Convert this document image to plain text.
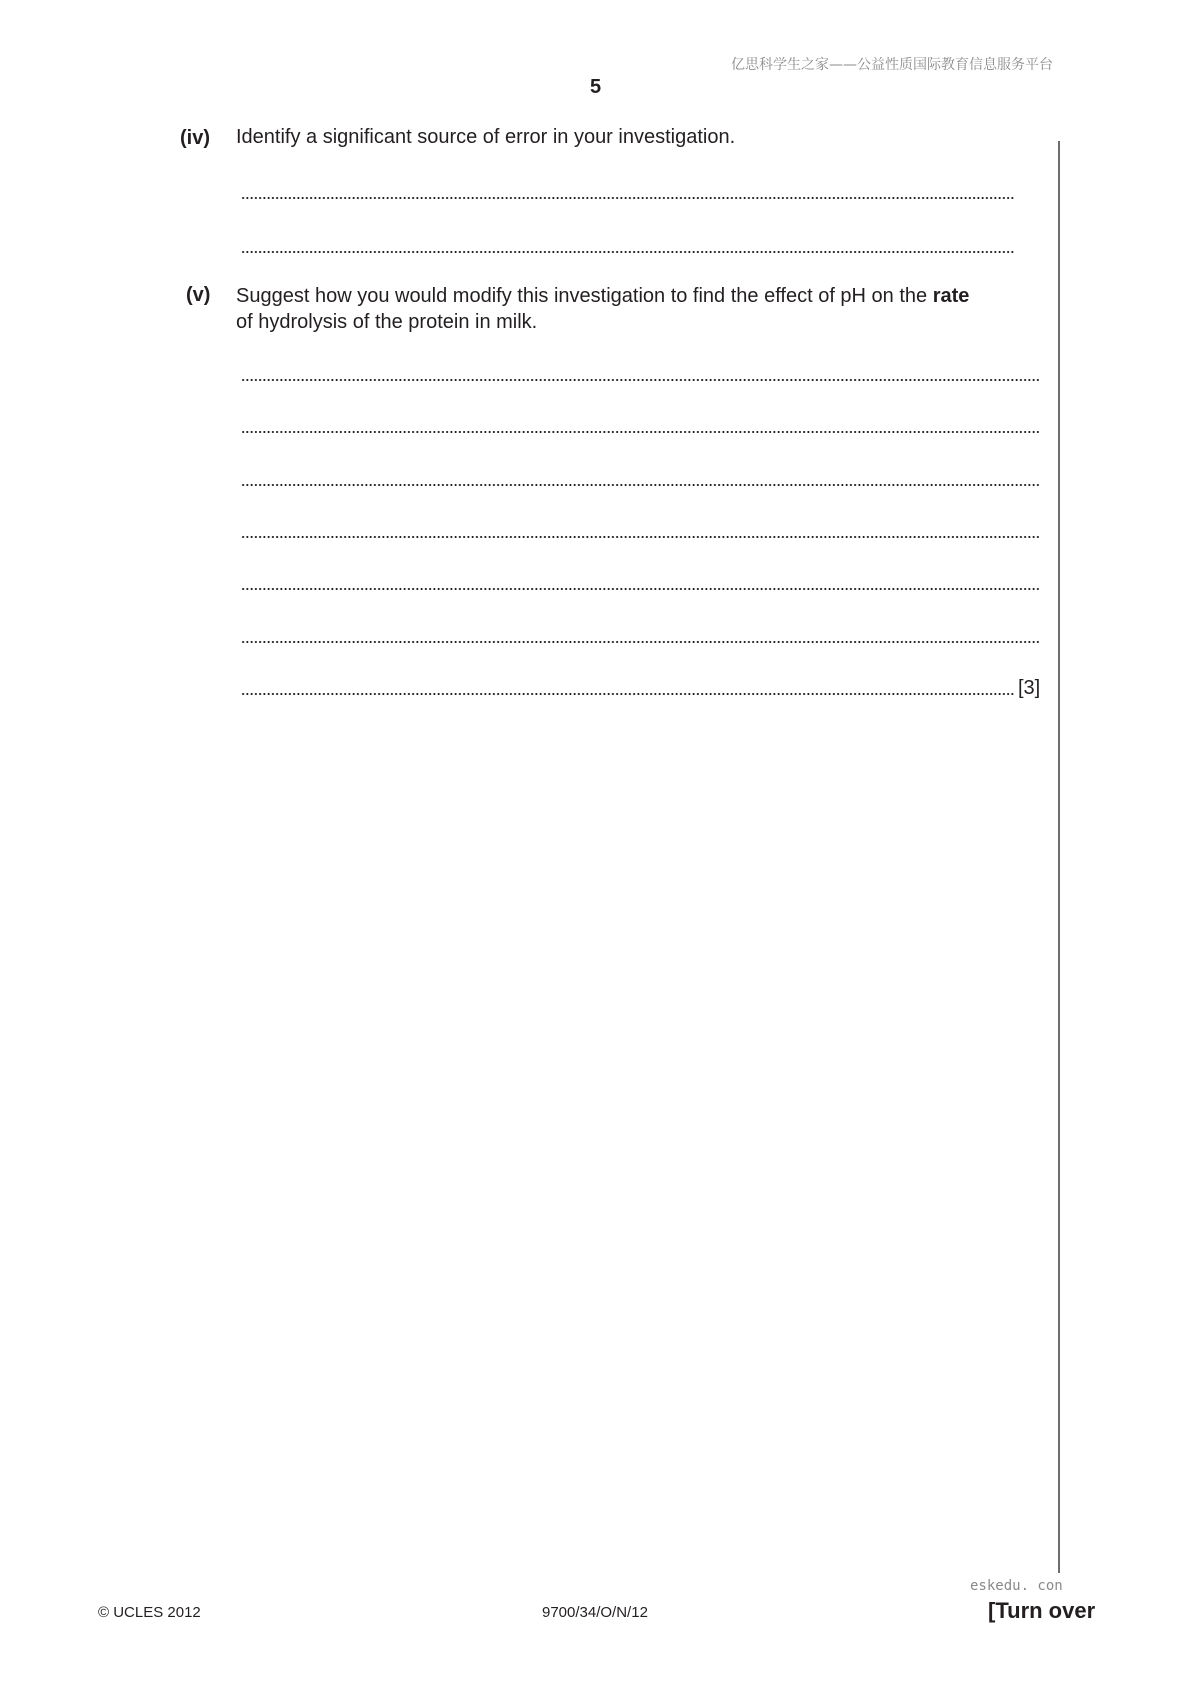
亿思科学生之家——公益性质国际教育信息服务平台
5
(iv) Identify a significant source of error in your investigation.
(v) Suggest how you would modify this investigation to find the effect of pH on the rate
of hydrolysis of the protein in milk.
[3]
© UCLES 2012	9700/34/O/N/12
eskedu. con
[Turn over
